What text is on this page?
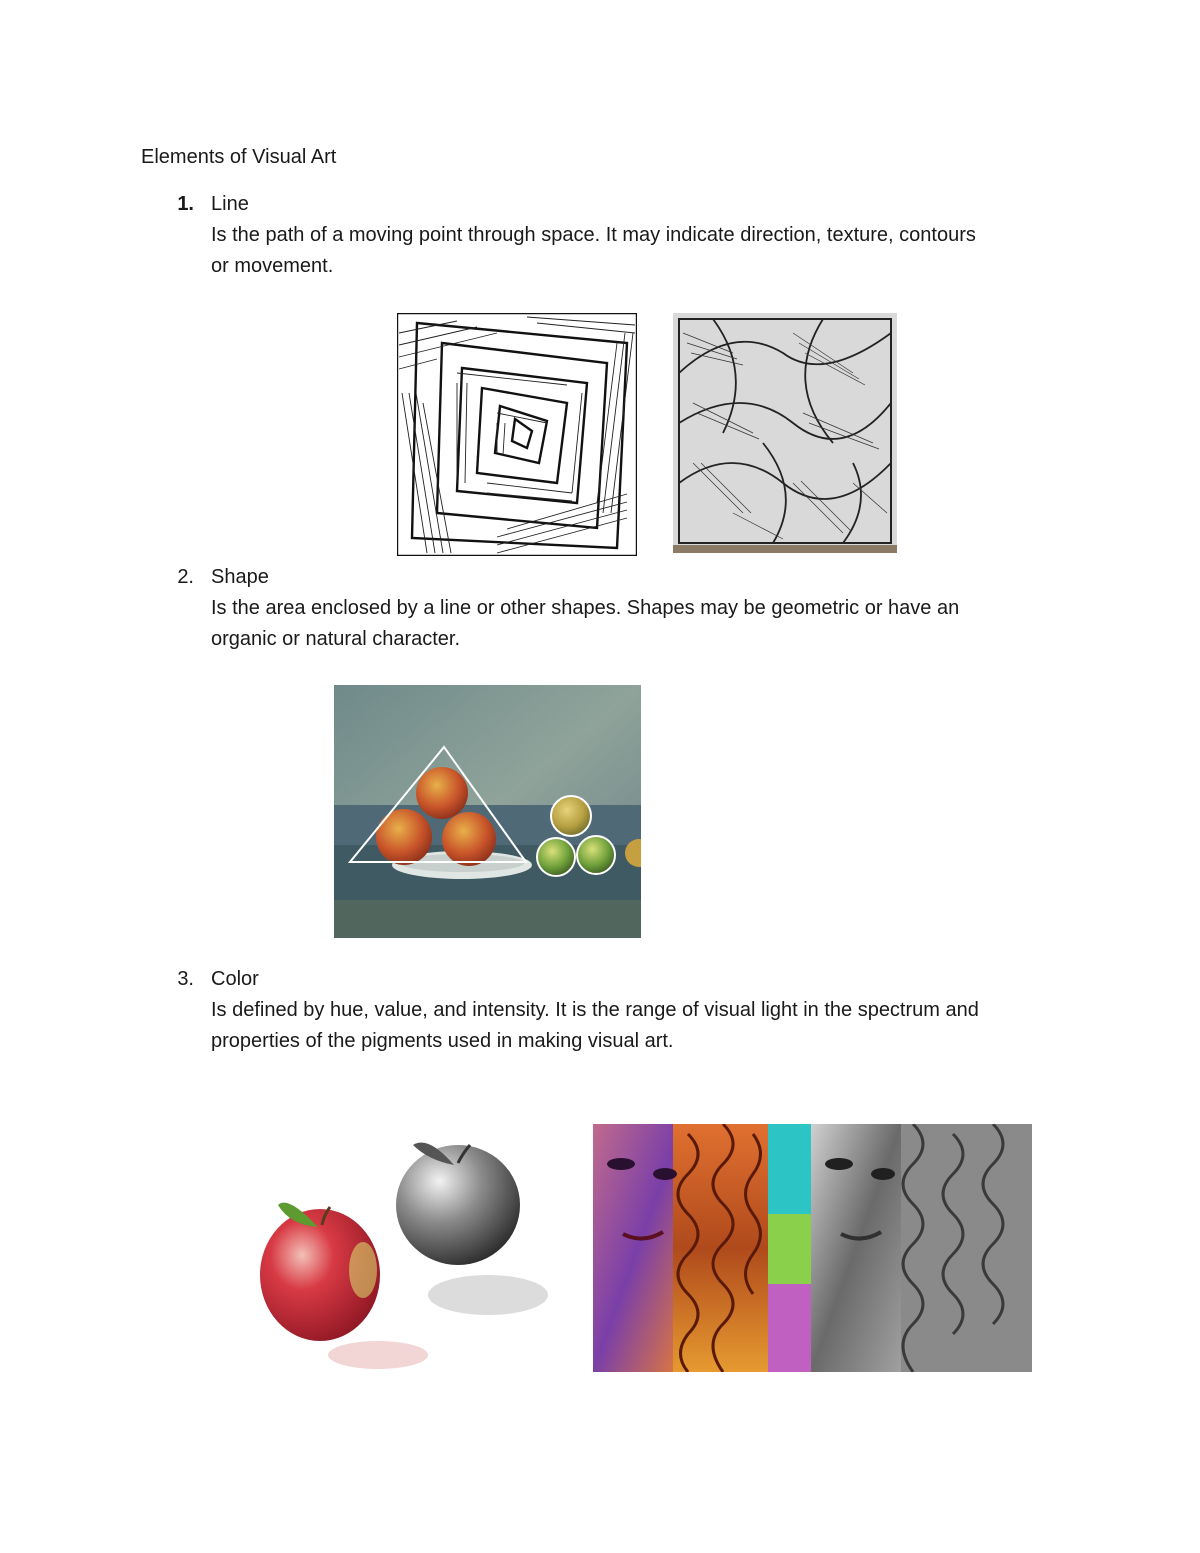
Elements of Visual Art
1. Line
Is the path of a moving point through space. It may indicate direction, texture, contours
or movement.
2. Shape
Is the area enclosed by a line or other shapes. Shapes may be geometric or have an
organic or natural character.
3. Color
Is defined by hue, value, and intensity. It is the range of visual light in the spectrum and
properties of the pigments used in making visual art.
